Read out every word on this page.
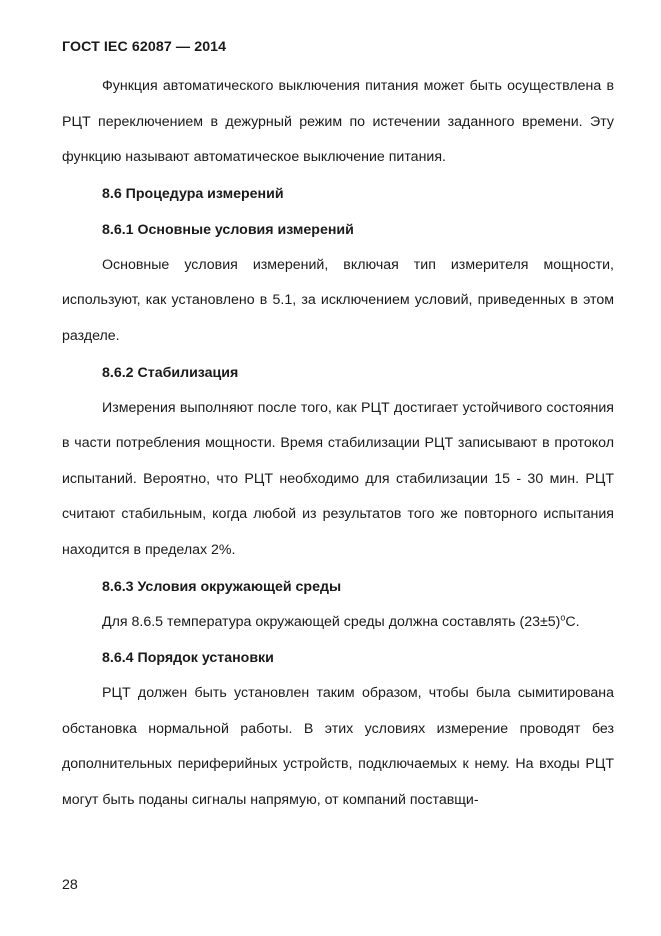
ГОСТ IEC 62087 — 2014

Функция автоматического выключения питания может быть осуществлена в РЦТ переключением в дежурный режим по истечении заданного времени. Эту функцию называют автоматическое выключение питания.

8.6 Процедура измерений

8.6.1 Основные условия измерений

Основные условия измерений, включая тип измерителя мощности, используют, как установлено в 5.1, за исключением условий, приведенных в этом разделе.

8.6.2 Стабилизация

Измерения выполняют после того, как РЦТ достигает устойчивого состояния в части потребления мощности. Время стабилизации РЦТ записывают в протокол испытаний. Вероятно, что РЦТ необходимо для стабилизации 15 - 30 мин. РЦТ считают стабильным, когда любой из результатов того же повторного испытания находится в пределах 2%.

8.6.3 Условия окружающей среды

Для 8.6.5 температура окружающей среды должна составлять $(23\pm 5)^оС$.

8.6.4 Порядок установки

РЦТ должен быть установлен таким образом, чтобы была сымитирована обстановка нормальной работы. В этих условиях измерение проводят без дополнительных периферийных устройств, подключаемых к нему. На входы РЦТ могут быть поданы сигналы напрямую, от компаний поставщи-

28
